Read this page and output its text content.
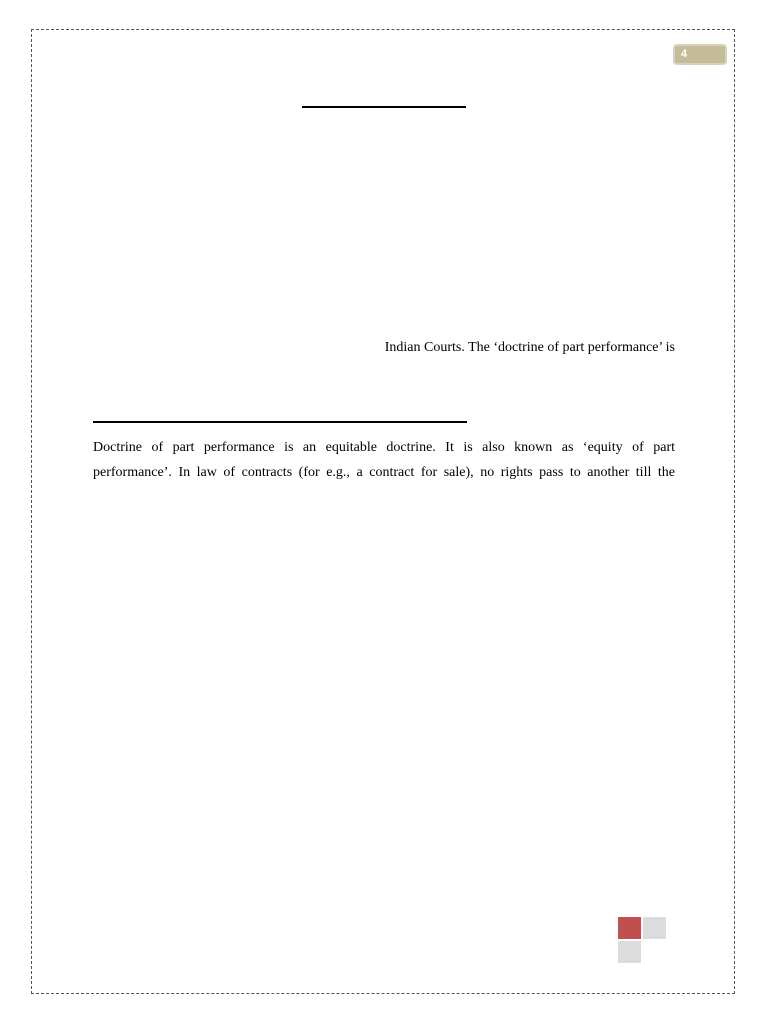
4
Indian Courts. The ‘doctrine of part performance’ is
Doctrine of part performance is an equitable doctrine. It is also known as ‘equity of part
performance’. In law of contracts (for e.g., a contract for sale), no rights pass to another till the
